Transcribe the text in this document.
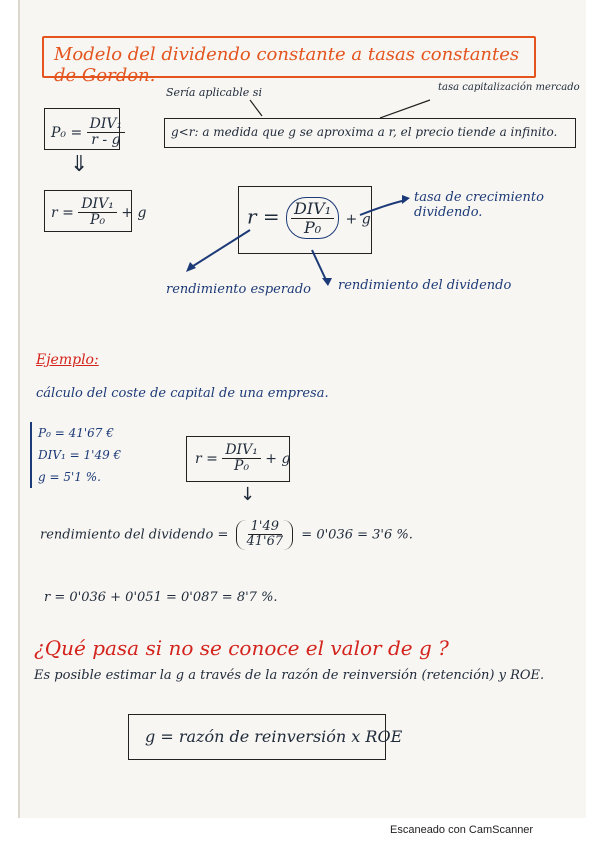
Modelo del dividendo constante a tasas constantes de Gordon.
$P_0 = \frac{\text{DIV₁}}{r - g}$
⇓
$r = \frac{\text{DIV₁}}{\text{P₀}} + g$
Sería aplicable si	tasa capitalización mercado
g<r: a medida que g se aproxima a r, el precio tiende a infinito.
$r = \frac{\text{DIV₁}}{\text{P₀}} + g$
tasa de crecimiento dividendo.
rendimiento esperado rendimiento del dividendo
Ejemplo:
cálculo del coste de capital de una empresa.
P₀ = 41'67 €
DIV₁ = 1'49 €
g = 5'1 %.
$r = \frac{\text{DIV₁}}{\text{P₀}} + g$
↓
rendimiento del dividendo = $\frac{1'49}{41'67} = 0'036 = 3'6$ %.
r = 0'036 + 0'051 = 0'087 = 8'7 %.
¿Qué pasa si no se conoce el valor de g ?
Es posible estimar la g a través de la razón de reinversión (retención) y ROE.
g = razón de reinversión x ROE
Escaneado con CamScanner
